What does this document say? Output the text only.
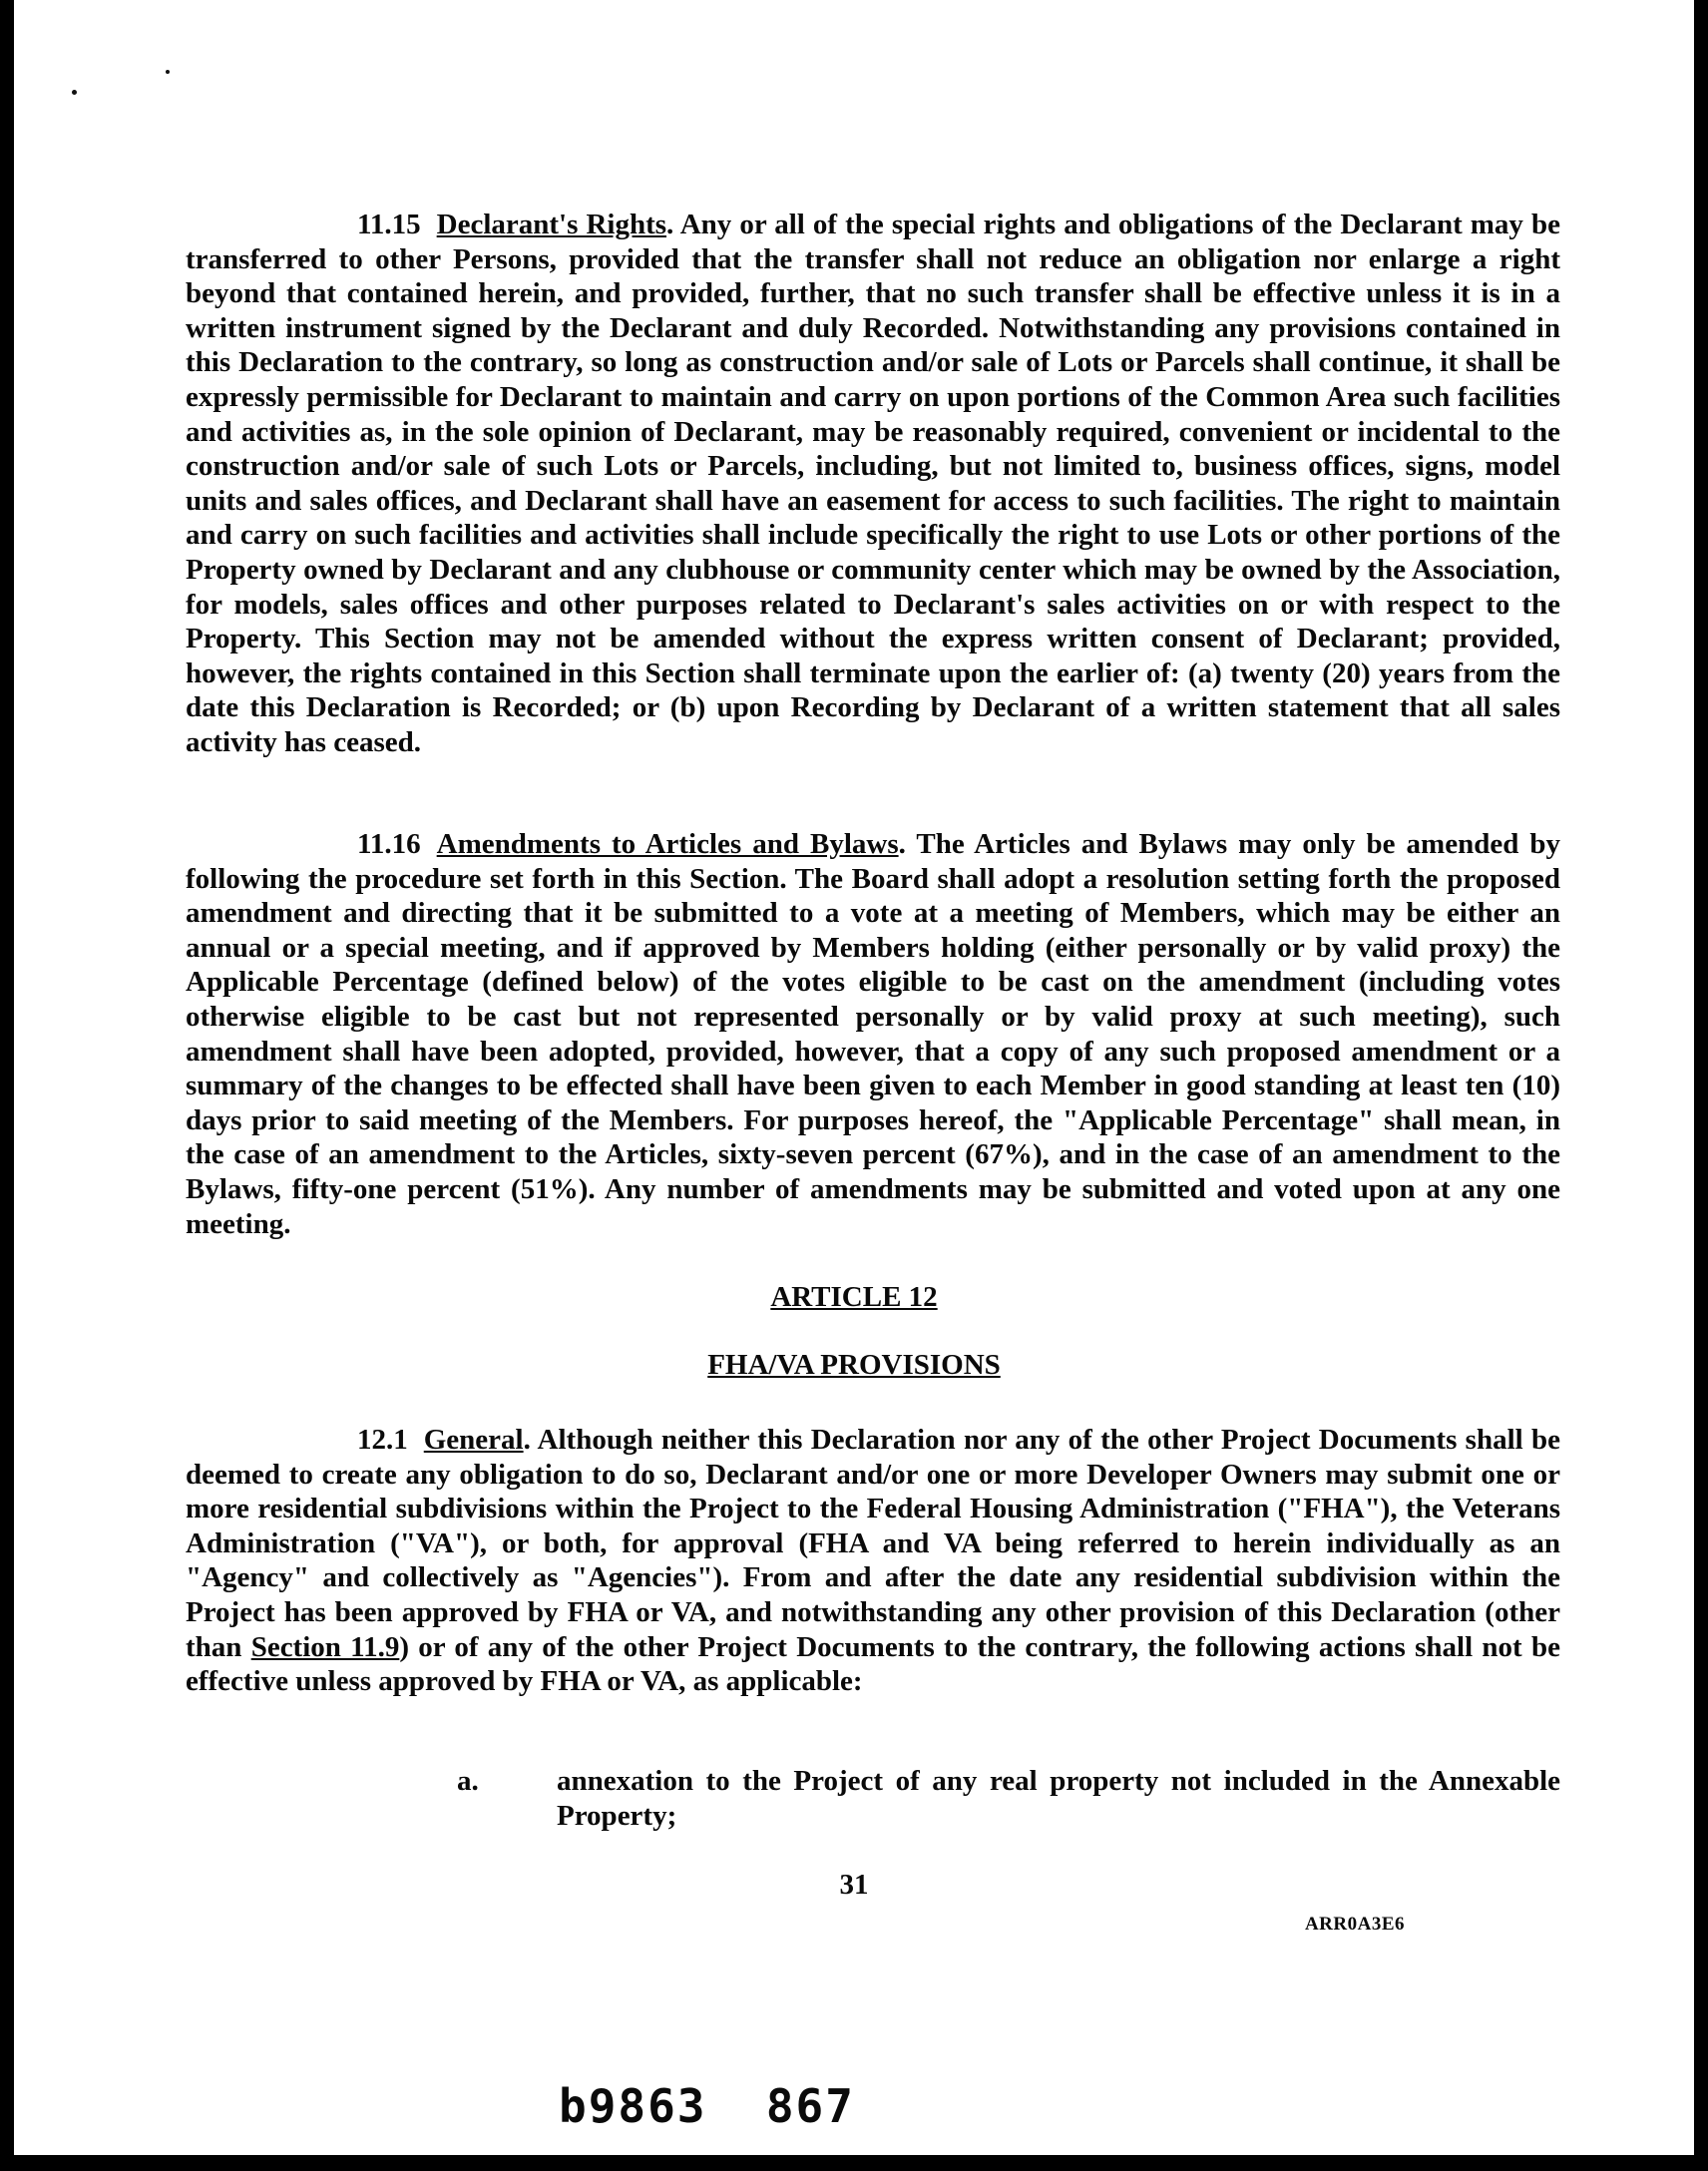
11.15 Declarant's Rights. Any or all of the special rights and obligations of the Declarant may be transferred to other Persons, provided that the transfer shall not reduce an obligation nor enlarge a right beyond that contained herein, and provided, further, that no such transfer shall be effective unless it is in a written instrument signed by the Declarant and duly Recorded. Notwithstanding any provisions contained in this Declaration to the contrary, so long as construction and/or sale of Lots or Parcels shall continue, it shall be expressly permissible for Declarant to maintain and carry on upon portions of the Common Area such facilities and activities as, in the sole opinion of Declarant, may be reasonably required, convenient or incidental to the construction and/or sale of such Lots or Parcels, including, but not limited to, business offices, signs, model units and sales offices, and Declarant shall have an easement for access to such facilities. The right to maintain and carry on such facilities and activities shall include specifically the right to use Lots or other portions of the Property owned by Declarant and any clubhouse or community center which may be owned by the Association, for models, sales offices and other purposes related to Declarant's sales activities on or with respect to the Property. This Section may not be amended without the express written consent of Declarant; provided, however, the rights contained in this Section shall terminate upon the earlier of: (a) twenty (20) years from the date this Declaration is Recorded; or (b) upon Recording by Declarant of a written statement that all sales activity has ceased.

11.16 Amendments to Articles and Bylaws. The Articles and Bylaws may only be amended by following the procedure set forth in this Section. The Board shall adopt a resolution setting forth the proposed amendment and directing that it be submitted to a vote at a meeting of Members, which may be either an annual or a special meeting, and if approved by Members holding (either personally or by valid proxy) the Applicable Percentage (defined below) of the votes eligible to be cast on the amendment (including votes otherwise eligible to be cast but not represented personally or by valid proxy at such meeting), such amendment shall have been adopted, provided, however, that a copy of any such proposed amendment or a summary of the changes to be effected shall have been given to each Member in good standing at least ten (10) days prior to said meeting of the Members. For purposes hereof, the "Applicable Percentage" shall mean, in the case of an amendment to the Articles, sixty-seven percent (67%), and in the case of an amendment to the Bylaws, fifty-one percent (51%). Any number of amendments may be submitted and voted upon at any one meeting.

ARTICLE 12
FHA/VA PROVISIONS

12.1 General. Although neither this Declaration nor any of the other Project Documents shall be deemed to create any obligation to do so, Declarant and/or one or more Developer Owners may submit one or more residential subdivisions within the Project to the Federal Housing Administration ("FHA"), the Veterans Administration ("VA"), or both, for approval (FHA and VA being referred to herein individually as an "Agency" and collectively as "Agencies"). From and after the date any residential subdivision within the Project has been approved by FHA or VA, and notwithstanding any other provision of this Declaration (other than Section 11.9) or of any of the other Project Documents to the contrary, the following actions shall not be effective unless approved by FHA or VA, as applicable:

a.	annexation to the Project of any real property not included in the Annexable Property;
31
ARR0A3E6
b9863  867
